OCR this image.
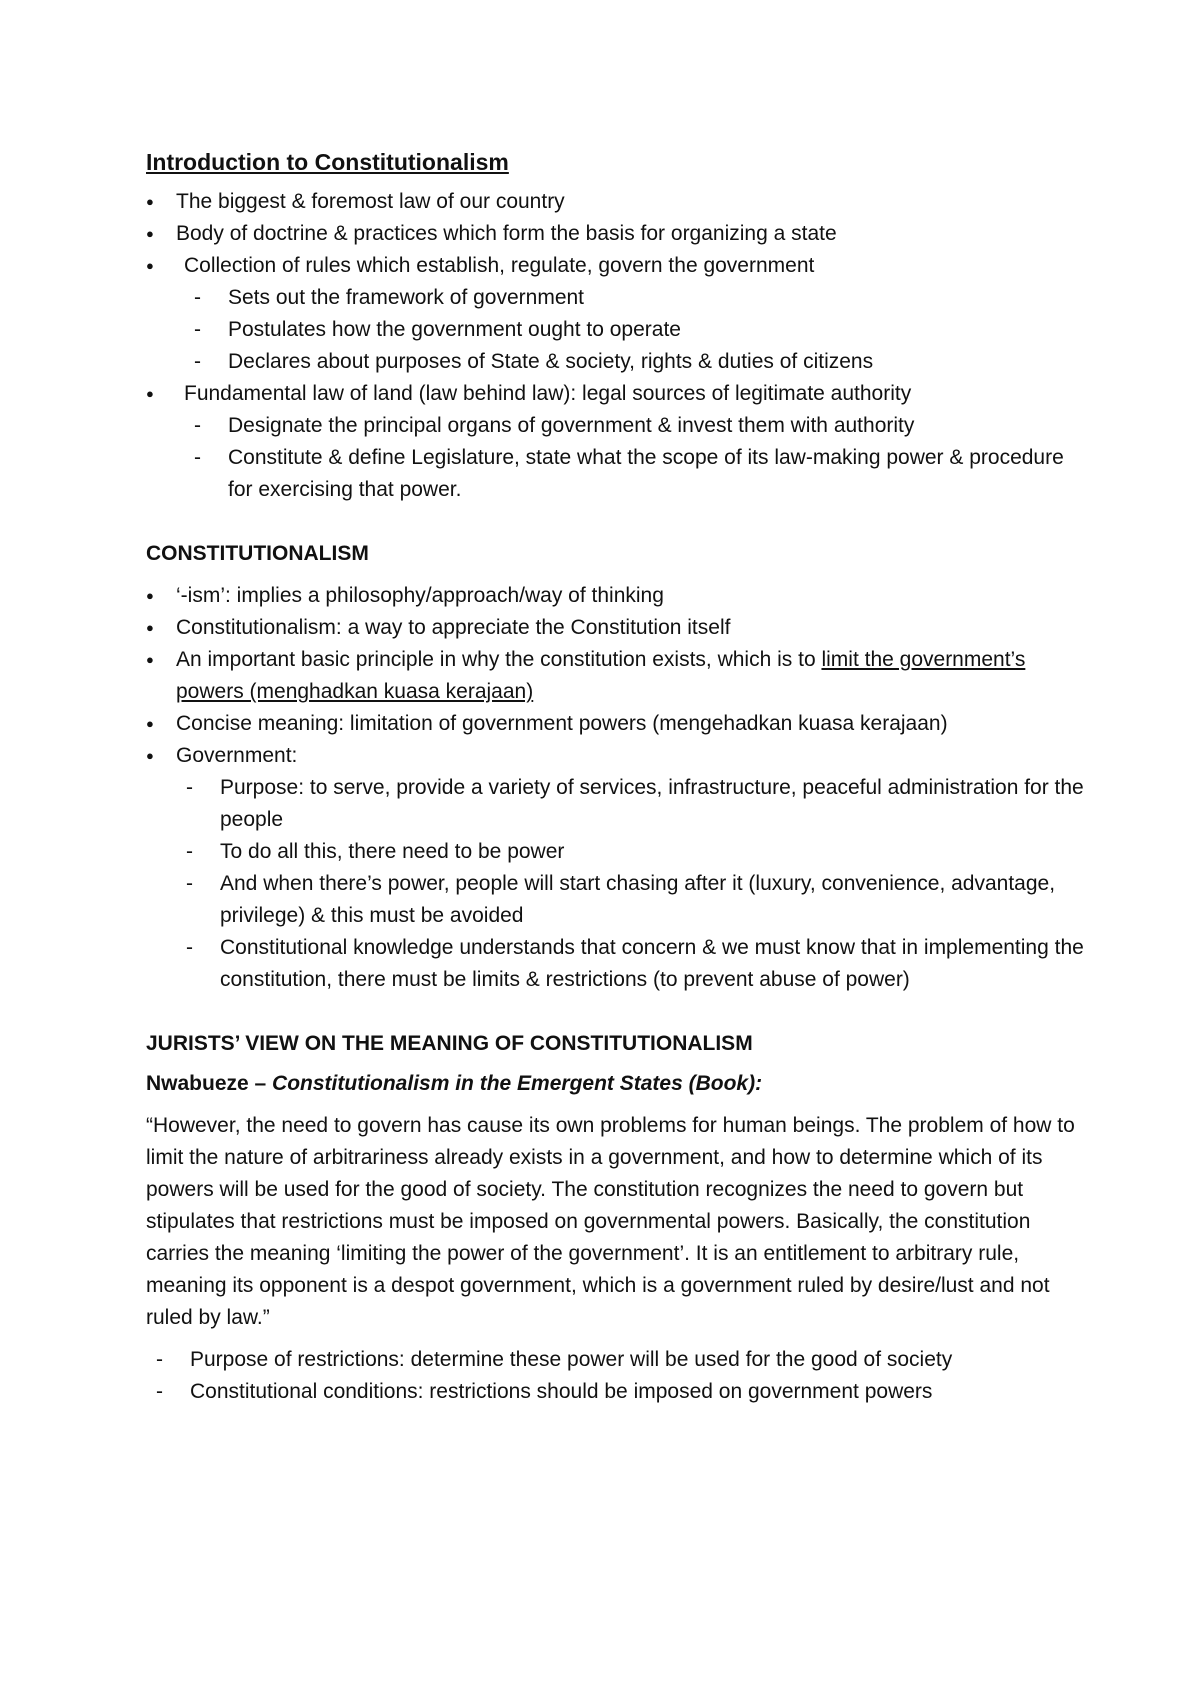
Introduction to Constitutionalism
● The biggest & foremost law of our country
● Body of doctrine & practices which form the basis for organizing a state
● Collection of rules which establish, regulate, govern the government
- Sets out the framework of government
- Postulates how the government ought to operate
- Declares about purposes of State & society, rights & duties of citizens
● Fundamental law of land (law behind law): legal sources of legitimate authority
- Designate the principal organs of government & invest them with authority
- Constitute & define Legislature, state what the scope of its law-making power & procedure for exercising that power.
CONSTITUTIONALISM
● ‘-ism’: implies a philosophy/approach/way of thinking
● Constitutionalism: a way to appreciate the Constitution itself
● An important basic principle in why the constitution exists, which is to limit the government’s powers (menghadkan kuasa kerajaan)
● Concise meaning: limitation of government powers (mengehadkan kuasa kerajaan)
● Government:
- Purpose: to serve, provide a variety of services, infrastructure, peaceful administration for the people
- To do all this, there need to be power
- And when there’s power, people will start chasing after it (luxury, convenience, advantage, privilege) & this must be avoided
- Constitutional knowledge understands that concern & we must know that in implementing the constitution, there must be limits & restrictions (to prevent abuse of power)
JURISTS’ VIEW ON THE MEANING OF CONSTITUTIONALISM

Nwabueze – Constitutionalism in the Emergent States (Book):

“However, the need to govern has cause its own problems for human beings. The problem of how to limit the nature of arbitrariness already exists in a government, and how to determine which of its powers will be used for the good of society. The constitution recognizes the need to govern but stipulates that restrictions must be imposed on governmental powers. Basically, the constitution carries the meaning ‘limiting the power of the government’. It is an entitlement to arbitrary rule, meaning its opponent is a despot government, which is a government ruled by desire/lust and not ruled by law.”

- Purpose of restrictions: determine these power will be used for the good of society
- Constitutional conditions: restrictions should be imposed on government powers
